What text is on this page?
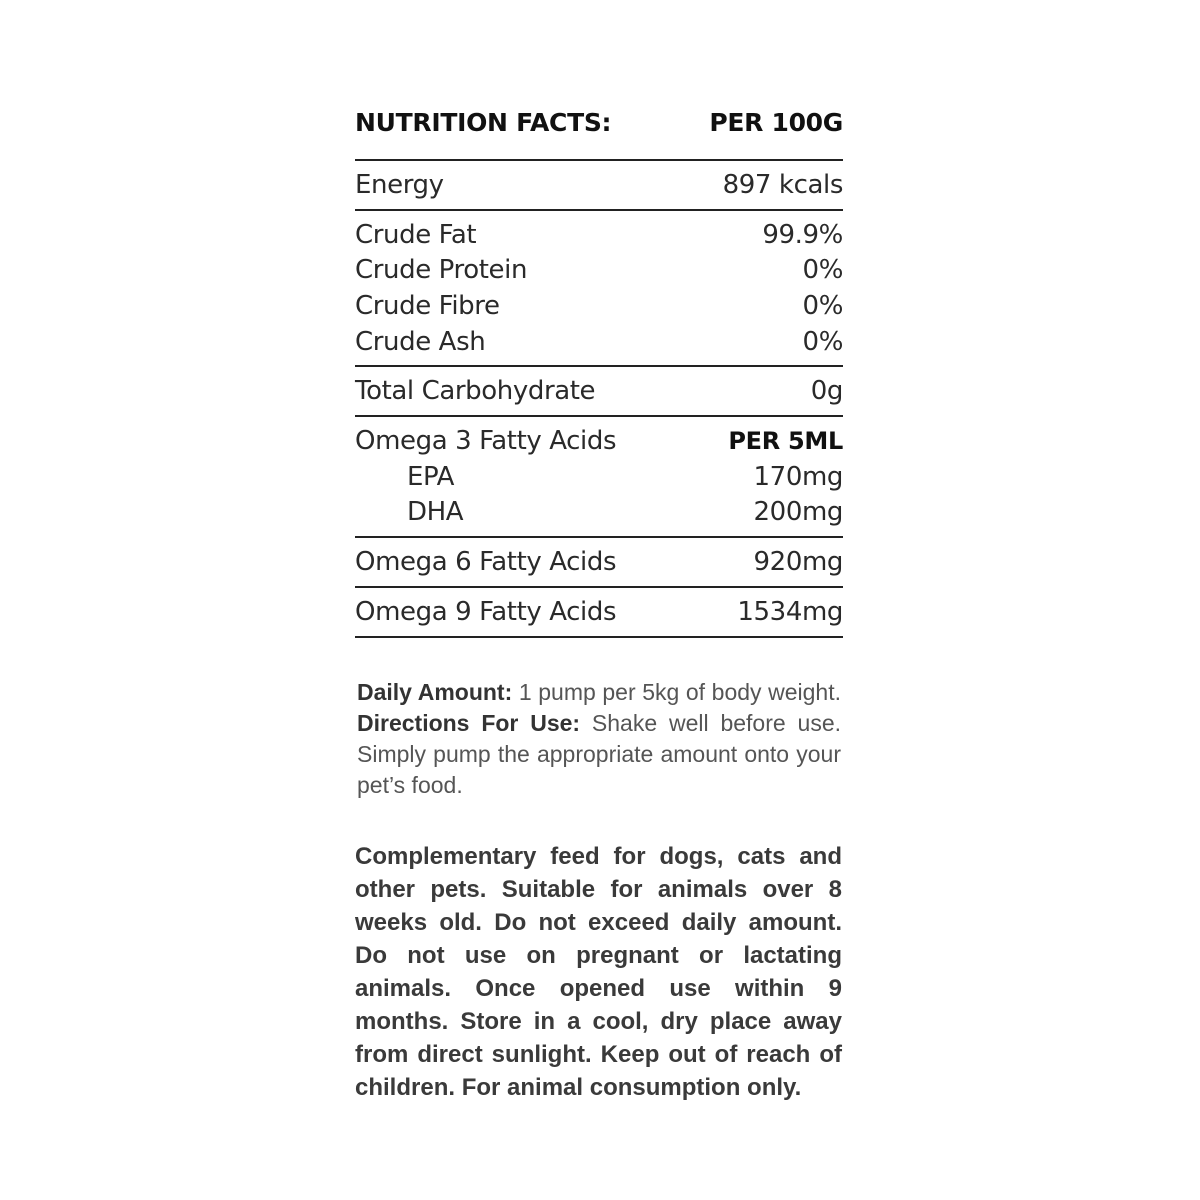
NUTRITION FACTS:	PER 100G
Energy	897 kcals
Crude Fat	99.9%
Crude Protein	0%
Crude Fibre	0%
Crude Ash	0%
Total Carbohydrate	0g
Omega 3 Fatty Acids	PER 5ML
EPA	170mg
DHA	200mg
Omega 6 Fatty Acids	920mg
Omega 9 Fatty Acids	1534mg
Daily Amount: 1 pump per 5kg of body weight. Directions For Use: Shake well before use. Simply pump the appropriate amount onto your pet’s food.
Complementary feed for dogs, cats and other pets. Suitable for animals over 8 weeks old. Do not exceed daily amount. Do not use on pregnant or lactating animals. Once opened use within 9 months. Store in a cool, dry place away from direct sunlight. Keep out of reach of children. For animal consumption only.
